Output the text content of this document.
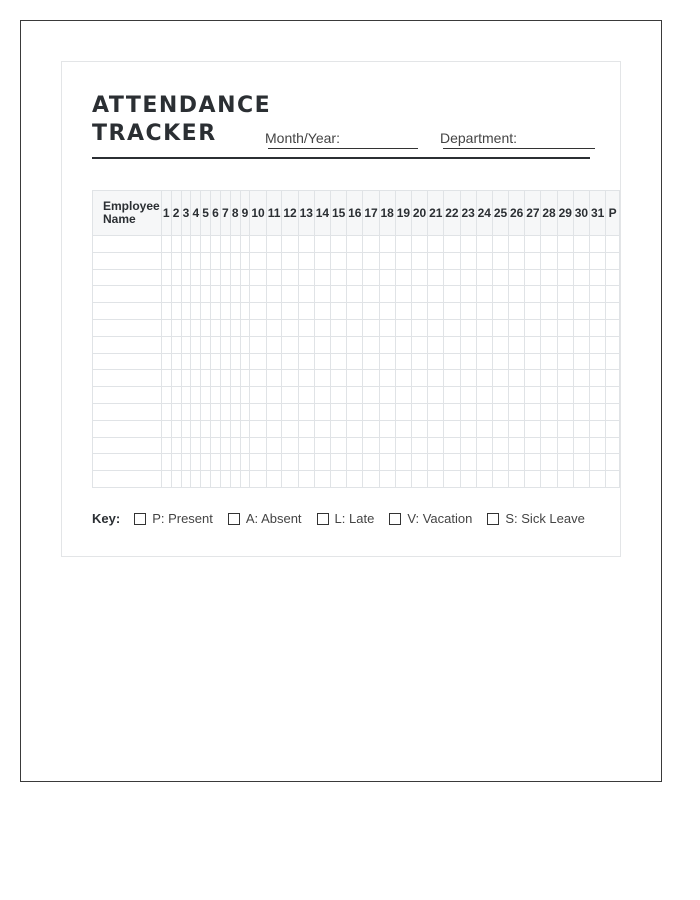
ATTENDANCE
TRACKER	Month/Year:	Department:
Employee Name	1	2	3	4	5	6	7	8	9	10	11	12	13	14	15	16	17	18	19	20	21	22	23	24	25	26	27	28	29	30	31	P

Key: P: Present	A: Absent	L: Late	V: Vacation	S: Sick Leave
